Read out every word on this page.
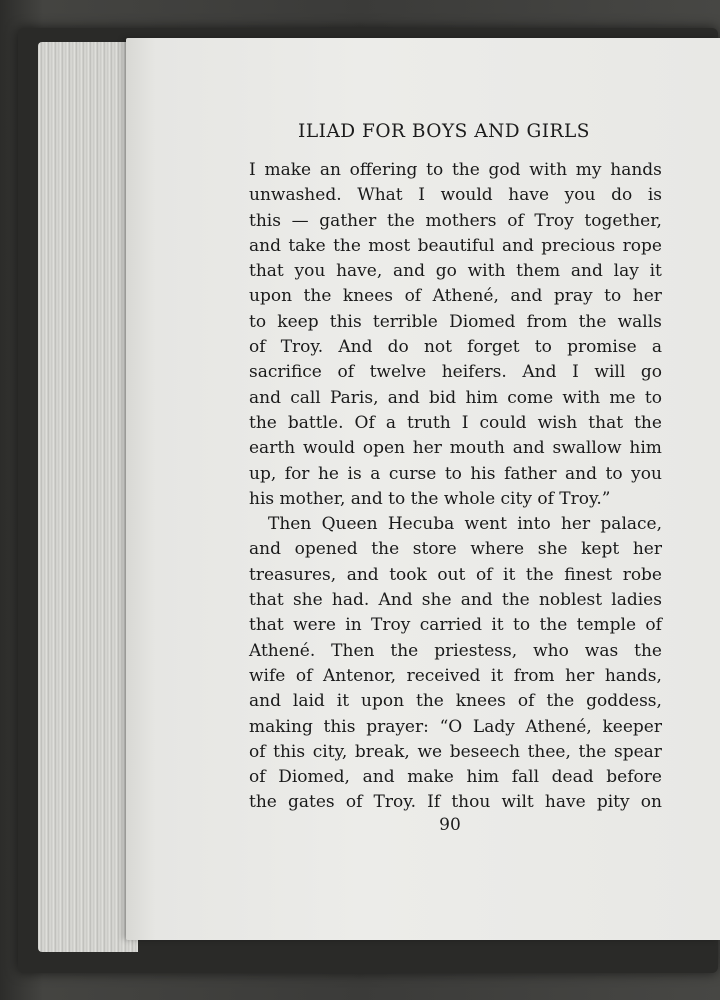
ILIAD FOR BOYS AND GIRLS
I make an offering to the god with my hands
unwashed. What I would have you do is
this — gather the mothers of Troy together,
and take the most beautiful and precious rope
that you have, and go with them and lay it
upon the knees of Athené, and pray to her
to keep this terrible Diomed from the walls
of Troy. And do not forget to promise a
sacrifice of twelve heifers. And I will go
and call Paris, and bid him come with me to
the battle. Of a truth I could wish that the
earth would open her mouth and swallow him
up, for he is a curse to his father and to you
his mother, and to the whole city of Troy.”
Then Queen Hecuba went into her palace,
and opened the store where she kept her
treasures, and took out of it the finest robe
that she had. And she and the noblest ladies
that were in Troy carried it to the temple of
Athené. Then the priestess, who was the
wife of Antenor, received it from her hands,
and laid it upon the knees of the goddess,
making this prayer: “O Lady Athené, keeper
of this city, break, we beseech thee, the spear
of Diomed, and make him fall dead before
the gates of Troy. If thou wilt have pity on
90
